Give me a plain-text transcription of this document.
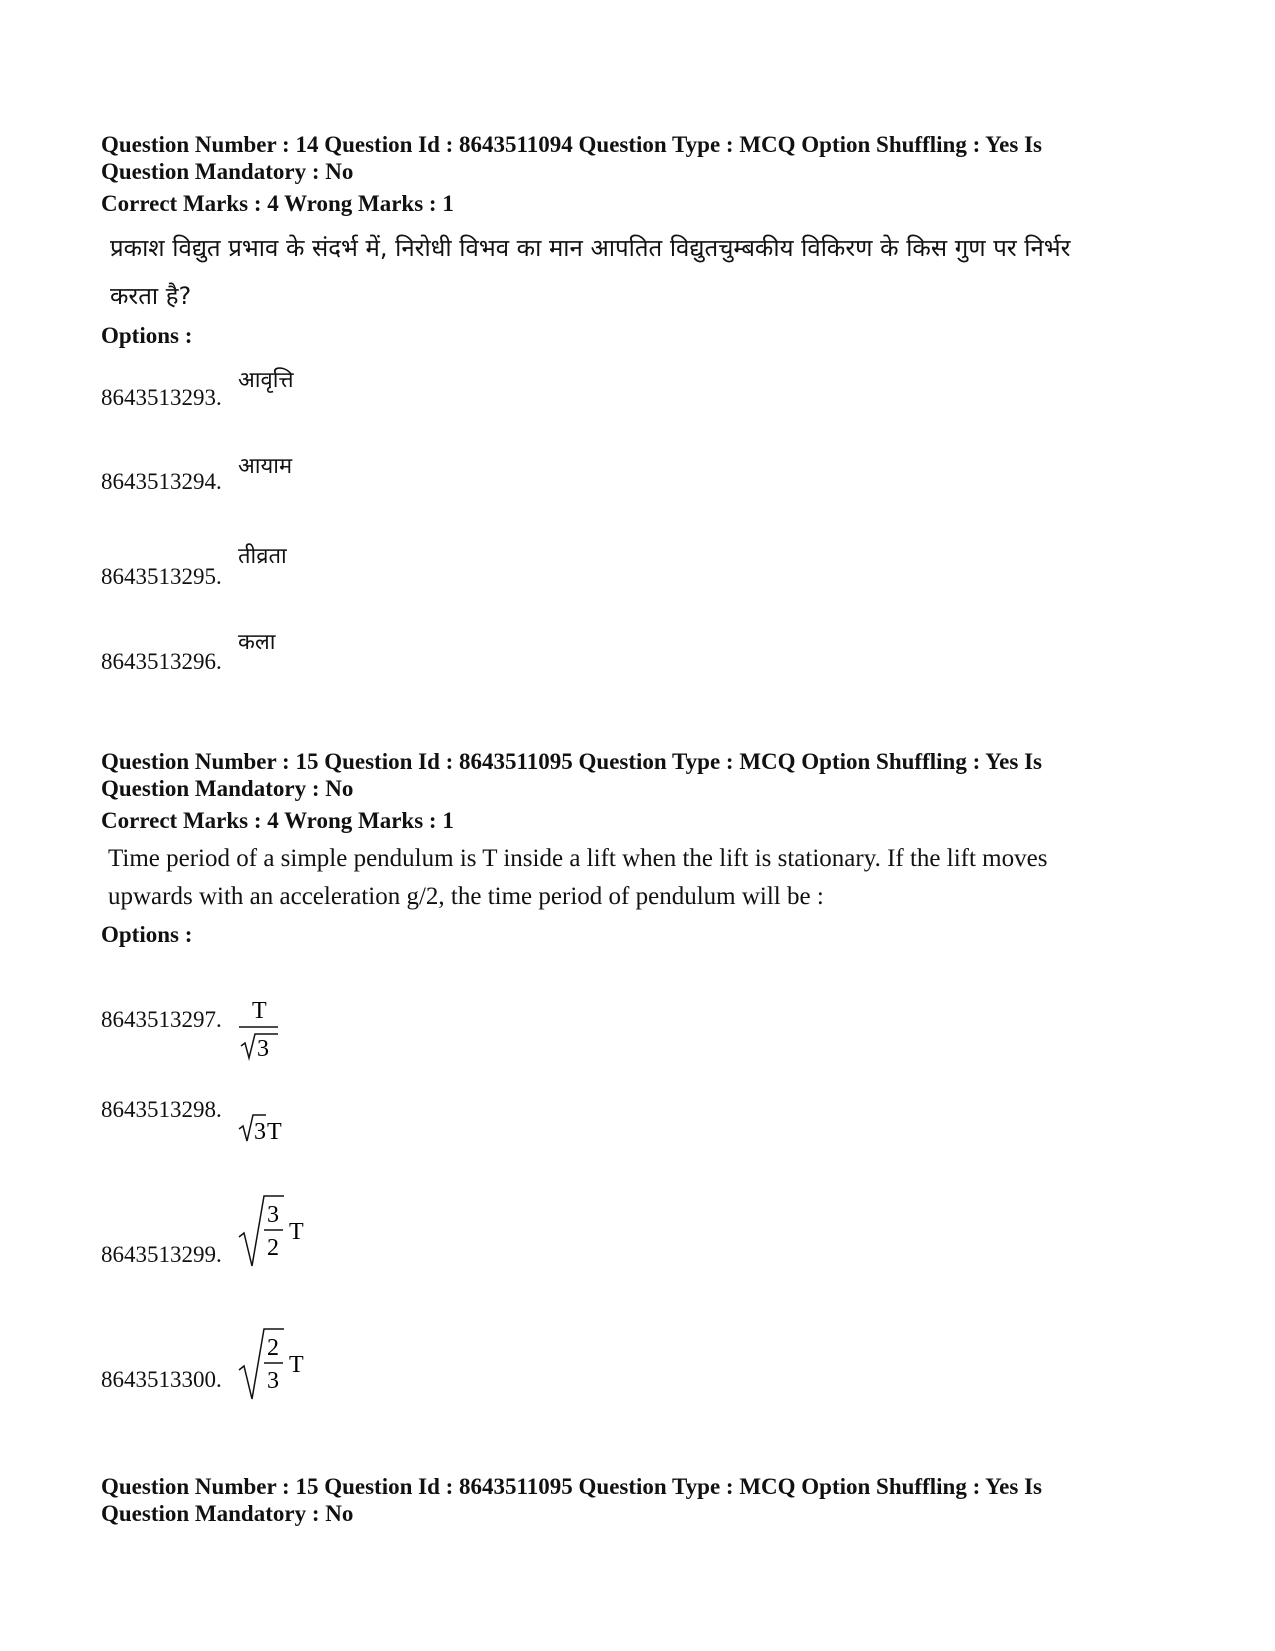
Question Number : 14 Question Id : 8643511094 Question Type : MCQ Option Shuffling : Yes Is
Question Mandatory : No
Correct Marks : 4 Wrong Marks : 1
प्रकाश विद्युत प्रभाव के संदर्भ में, निरोधी विभव का मान आपतित विद्युतचुम्बकीय विकिरण के किस गुण पर निर्भर
करता है?
Options :
8643513293.
आवृत्ति
8643513294.
आयाम
8643513295.
तीव्रता
8643513296.
कला
Question Number : 15 Question Id : 8643511095 Question Type : MCQ Option Shuffling : Yes Is
Question Mandatory : No
Correct Marks : 4 Wrong Marks : 1
Time period of a simple pendulum is T inside a lift when the lift is stationary. If the lift moves
upwards with an acceleration g/2, the time period of pendulum will be :
Options :
8643513297. T
3
8643513298.
3 T
8643513299.
3
2
T
8643513300.
2
3
T
Question Number : 15 Question Id : 8643511095 Question Type : MCQ Option Shuffling : Yes Is
Question Mandatory : No
